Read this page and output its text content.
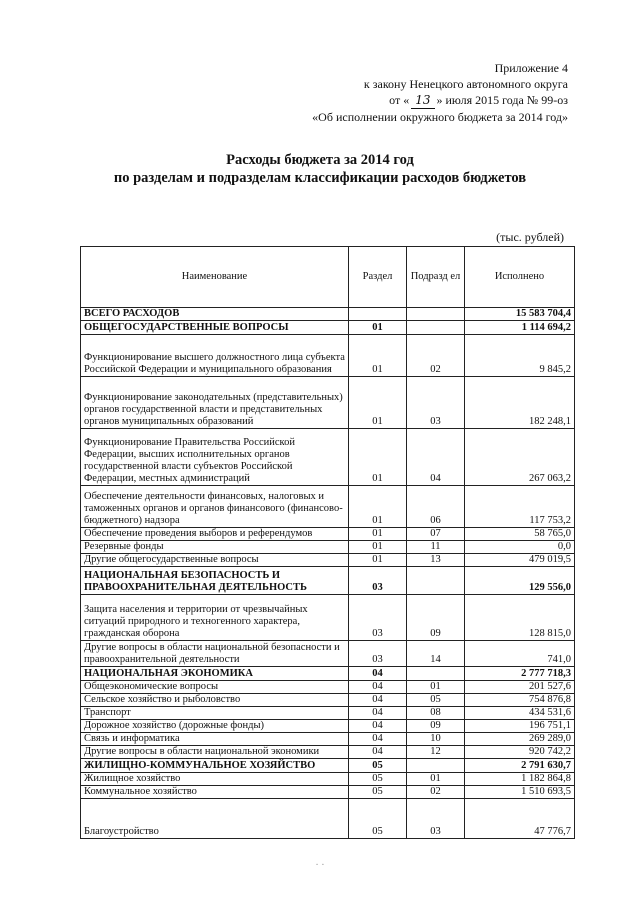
Приложение 4
к закону Ненецкого автономного округа
от « 13 » июля 2015 года № 99-оз
«Об исполнении окружного бюджета за 2014 год»
Расходы бюджета за 2014 год
по разделам и подразделам классификации расходов бюджетов
(тыс. рублей)
Наименование	Раздел	Подразд ел	Исполнено
ВСЕГО РАСХОДОВ			15 583 704,4
ОБЩЕГОСУДАРСТВЕННЫЕ ВОПРОСЫ	01		1 114 694,2
Функционирование высшего должностного лица субъекта Российской Федерации и муниципального образования	01	02	9 845,2
Функционирование законодательных (представительных) органов государственной власти и представительных органов муниципальных образований	01	03	182 248,1
Функционирование Правительства Российской Федерации, высших исполнительных органов государственной власти субъектов Российской Федерации, местных администраций	01	04	267 063,2
Обеспечение деятельности финансовых, налоговых и таможенных органов и органов финансового (финансово-бюджетного) надзора	01	06	117 753,2
Обеспечение проведения выборов и референдумов	01	07	58 765,0
Резервные фонды	01	11	0,0
Другие общегосударственные вопросы	01	13	479 019,5
НАЦИОНАЛЬНАЯ БЕЗОПАСНОСТЬ И ПРАВООХРАНИТЕЛЬНАЯ ДЕЯТЕЛЬНОСТЬ	03		129 556,0
Защита населения и территории от чрезвычайных ситуаций природного и техногенного характера, гражданская оборона	03	09	128 815,0
Другие вопросы в области национальной безопасности и правоохранительной деятельности	03	14	741,0
НАЦИОНАЛЬНАЯ ЭКОНОМИКА	04		2 777 718,3
Общеэкономические вопросы	04	01	201 527,6
Сельское хозяйство и рыболовство	04	05	754 876,8
Транспорт	04	08	434 531,6
Дорожное хозяйство (дорожные фонды)	04	09	196 751,1
Связь и информатика	04	10	269 289,0
Другие вопросы в области национальной экономики	04	12	920 742,2
ЖИЛИЩНО-КОММУНАЛЬНОЕ ХОЗЯЙСТВО	05		2 791 630,7
Жилищное хозяйство	05	01	1 182 864,8
Коммунальное хозяйство	05	02	1 510 693,5
Благоустройство	05	03	47 776,7
· ·
